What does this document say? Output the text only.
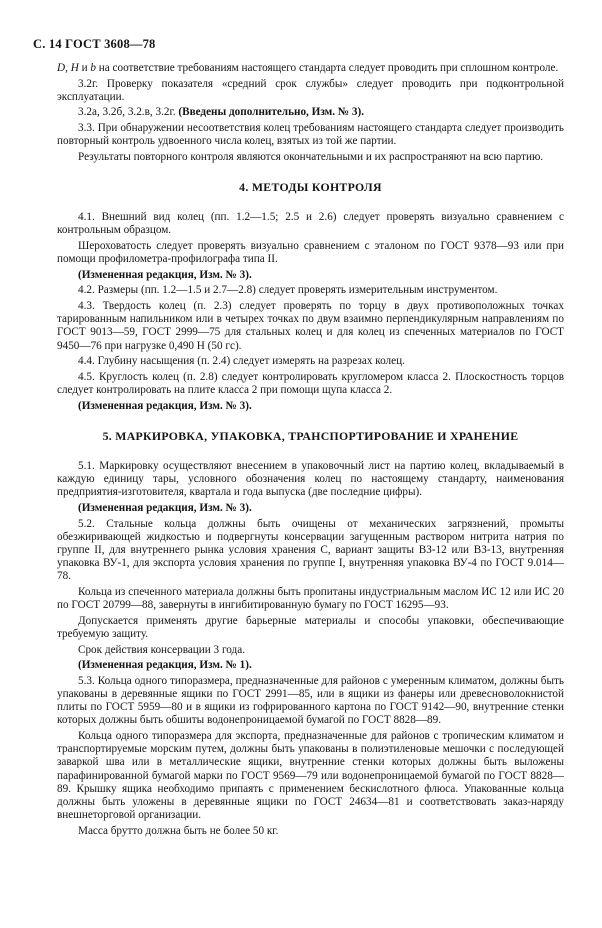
С. 14 ГОСТ 3608—78

D, H и b на соответствие требованиям настоящего стандарта следует проводить при сплошном контроле.

3.2г. Проверку показателя «средний срок службы» следует проводить при подконтрольной эксплуатации.

3.2а, 3.2б, 3.2.в, 3.2г. (Введены дополнительно, Изм. № 3).

3.3. При обнаружении несоответствия колец требованиям настоящего стандарта следует производить повторный контроль удвоенного числа колец, взятых из той же партии.

Результаты повторного контроля являются окончательными и их распространяют на всю партию.

4. МЕТОДЫ КОНТРОЛЯ

4.1. Внешний вид колец (пп. 1.2—1.5; 2.5 и 2.6) следует проверять визуально сравнением с контрольным образцом.

Шероховатость следует проверять визуально сравнением с эталоном по ГОСТ 9378—93 или при помощи профилометра-профилографа типа II.

(Измененная редакция, Изм. № 3).

4.2. Размеры (пп. 1.2—1.5 и 2.7—2.8) следует проверять измерительным инструментом.

4.3. Твердость колец (п. 2.3) следует проверять по торцу в двух противоположных точках тарированным напильником или в четырех точках по двум взаимно перпендикулярным направлениям по ГОСТ 9013—59, ГОСТ 2999—75 для стальных колец и для колец из спеченных материалов по ГОСТ 9450—76 при нагрузке 0,490 Н (50 гс).

4.4. Глубину насыщения (п. 2.4) следует измерять на разрезах колец.

4.5. Круглость колец (п. 2.8) следует контролировать кругломером класса 2. Плоскостность торцов следует контролировать на плите класса 2 при помощи щупа класса 2.

(Измененная редакция, Изм. № 3).

5. МАРКИРОВКА, УПАКОВКА, ТРАНСПОРТИРОВАНИЕ И ХРАНЕНИЕ

5.1. Маркировку осуществляют внесением в упаковочный лист на партию колец, вкладываемый в каждую единицу тары, условного обозначения колец по настоящему стандарту, наименования предприятия-изготовителя, квартала и года выпуска (две последние цифры).

(Измененная редакция, Изм. № 3).

5.2. Стальные кольца должны быть очищены от механических загрязнений, промыты обезжиривающей жидкостью и подвергнуты консервации загущенным раствором нитрита натрия по группе II, для внутреннего рынка условия хранения С, вариант защиты ВЗ-12 или ВЗ-13, внутренняя упаковка ВУ-1, для экспорта условия хранения по группе I, внутренняя упаковка ВУ-4 по ГОСТ 9.014—78.

Кольца из спеченного материала должны быть пропитаны индустриальным маслом ИС 12 или ИС 20 по ГОСТ 20799—88, завернуты в ингибитированную бумагу по ГОСТ 16295—93.

Допускается применять другие барьерные материалы и способы упаковки, обеспечивающие требуемую защиту.

Срок действия консервации 3 года.

(Измененная редакция, Изм. № 1).

5.3. Кольца одного типоразмера, предназначенные для районов с умеренным климатом, должны быть упакованы в деревянные ящики по ГОСТ 2991—85, или в ящики из фанеры или древесноволокнистой плиты по ГОСТ 5959—80 и в ящики из гофрированного картона по ГОСТ 9142—90, внутренние стенки которых должны быть обшиты водонепроницаемой бумагой по ГОСТ 8828—89.

Кольца одного типоразмера для экспорта, предназначенные для районов с тропическим климатом и транспортируемые морским путем, должны быть упакованы в полиэтиленовые мешочки с последующей заваркой шва или в металлические ящики, внутренние стенки которых должны быть выложены парафинированной бумагой марки по ГОСТ 9569—79 или водонепроницаемой бумагой по ГОСТ 8828—89. Крышку ящика необходимо припаять с применением бескислотного флюса. Упакованные кольца должны быть уложены в деревянные ящики по ГОСТ 24634—81 и соответствовать заказ-наряду внешнеторговой организации.

Масса брутто должна быть не более 50 кг.
